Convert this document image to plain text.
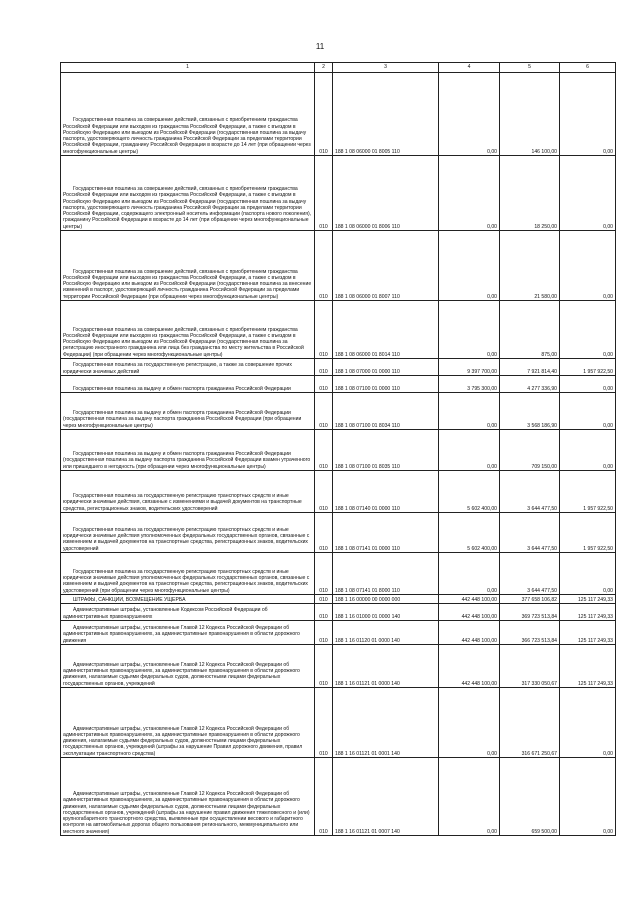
11
1	2	3	4	5	6
Государственная пошлина за совершение действий, связанных с приобретением гражданства Российской Федерации или выходом из гражданства Российской Федерации, а также с въездом в Российскую Федерацию или выездом из Российской Федерации (государственная пошлина за выдачу паспорта, удостоверяющего личность гражданина Российской Федерации за пределами территории Российской Федерации, гражданину Российской Федерации в возрасте до 14 лет (при обращении через многофункциональные центры)	010	188 1 08 06000 01 8005 110	0,00	146 100,00	0,00
Государственная пошлина за совершение действий, связанных с приобретением гражданства Российской Федерации или выходом из гражданства Российской Федерации, а также с въездом в Российскую Федерацию или выездом из Российской Федерации (государственная пошлина за выдачу паспорта, удостоверяющего личность гражданина Российской Федерации за пределами территории Российской Федерации, содержащего электронный носитель информации (паспорта нового поколения), гражданину Российской Федерации в возрасте до 14 лет (при обращении через многофункциональные центры)	010	188 1 08 06000 01 8006 110	0,00	18 250,00	0,00
Государственная пошлина за совершение действий, связанных с приобретением гражданства Российской Федерации или выходом из гражданства Российской Федерации, а также с въездом в Российскую Федерацию или выездом из Российской Федерации (государственная пошлина за внесение изменений в паспорт, удостоверяющий личность гражданина Российской Федерации за пределами территории Российской Федерации (при обращении через многофункциональные центры)	010	188 1 08 06000 01 8007 110	0,00	21 580,00	0,00
Государственная пошлина за совершение действий, связанных с приобретением гражданства Российской Федерации или выходом из гражданства Российской Федерации, а также с въездом в Российскую Федерацию или выездом из Российской Федерации (государственная пошлина за регистрацию иностранного гражданина или лица без гражданства по месту жительства в Российской Федерации) (при обращении через многофункциональные центры)	010	188 1 08 06000 01 8014 110	0,00	875,00	0,00
Государственная пошлина за государственную регистрацию, а также за совершение прочих юридически значимых действий	010	188 1 08 07000 01 0000 110	9 397 700,00	7 921 814,40	1 957 922,50
Государственная пошлина за выдачу и обмен паспорта гражданина Российской Федерации	010	188 1 08 07100 01 0000 110	3 795 300,00	4 277 336,90	0,00
Государственная пошлина за выдачу и обмен паспорта гражданина Российской Федерации (государственная пошлина за выдачу паспорта гражданина Российской Федерации (при обращении через многофункциональные центры)	010	188 1 08 07100 01 8034 110	0,00	3 568 186,90	0,00
Государственная пошлина за выдачу и обмен паспорта гражданина Российской Федерации (государственная пошлина за выдачу паспорта гражданина Российской Федерации взамен утраченного или пришедшего в негодность (при обращении через многофункциональные центры)	010	188 1 08 07100 01 8035 110	0,00	709 150,00	0,00
Государственная пошлина за государственную регистрацию транспортных средств и иные юридически значимые действия, связанные с изменениями и выдачей документов на транспортные средства, регистрационных знаков, водительских удостоверений	010	188 1 08 07140 01 0000 110	5 602 400,00	3 644 477,50	1 957 922,50
Государственная пошлина за государственную регистрацию транспортных средств и иные юридически значимые действия уполномоченных федеральных государственных органов, связанные с изменением и выдачей документов на транспортные средства, регистрационных знаков, водительских удостоверений	010	188 1 08 07141 01 0000 110	5 602 400,00	3 644 477,50	1 957 922,50
Государственная пошлина за государственную регистрацию транспортных средств и иные юридически значимые действия уполномоченных федеральных государственных органов, связанные с изменением и выдачей документов на транспортные средства, регистрационных знаков, водительских удостоверений (при обращении через многофункциональные центры)	010	188 1 08 07141 01 8000 110	0,00	3 644 477,50	0,00
ШТРАФЫ, САНКЦИИ, ВОЗМЕЩЕНИЕ УЩЕРБА	010	188 1 16 00000 00 0000 000	442 448 100,00	377 658 106,82	125 117 249,33
Административные штрафы, установленные Кодексом Российской Федерации об административных правонарушениях	010	188 1 16 01000 01 0000 140	442 448 100,00	369 723 513,84	125 117 249,33
Административные штрафы, установленные Главой 12 Кодекса Российской Федерации об административных правонарушениях, за административные правонарушения в области дорожного движения	010	188 1 16 01120 01 0000 140	442 448 100,00	366 723 513,84	125 117 249,33
Административные штрафы, установленные Главой 12 Кодекса Российской Федерации об административных правонарушениях, за административные правонарушения в области дорожного движения, налагаемые судьями федеральных судов, должностными лицами федеральных государственных органов, учреждений	010	188 1 16 01121 01 0000 140	442 448 100,00	317 330 050,67	125 117 249,33
Административные штрафы, установленные Главой 12 Кодекса Российской Федерации об административных правонарушениях, за административные правонарушения в области дорожного движения, налагаемые судьями федеральных судов, должностными лицами федеральных государственных органов, учреждений (штрафы за нарушение Правил дорожного движения, правил эксплуатации транспортного средства)	010	188 1 16 01121 01 0001 140	0,00	316 671 250,67	0,00
Административные штрафы, установленные Главой 12 Кодекса Российской Федерации об административных правонарушениях, за административные правонарушения в области дорожного движения, налагаемые судьями федеральных судов, должностными лицами федеральных государственных органов, учреждений (штрафы за нарушение правил движения тяжеловесного и (или) крупногабаритного транспортного средства, выявленные при осуществлении весового и габаритного контроля на автомобильных дорогах общего пользования регионального, межмуниципального или местного значения)	010	188 1 16 01121 01 0007 140	0,00	659 500,00	0,00
